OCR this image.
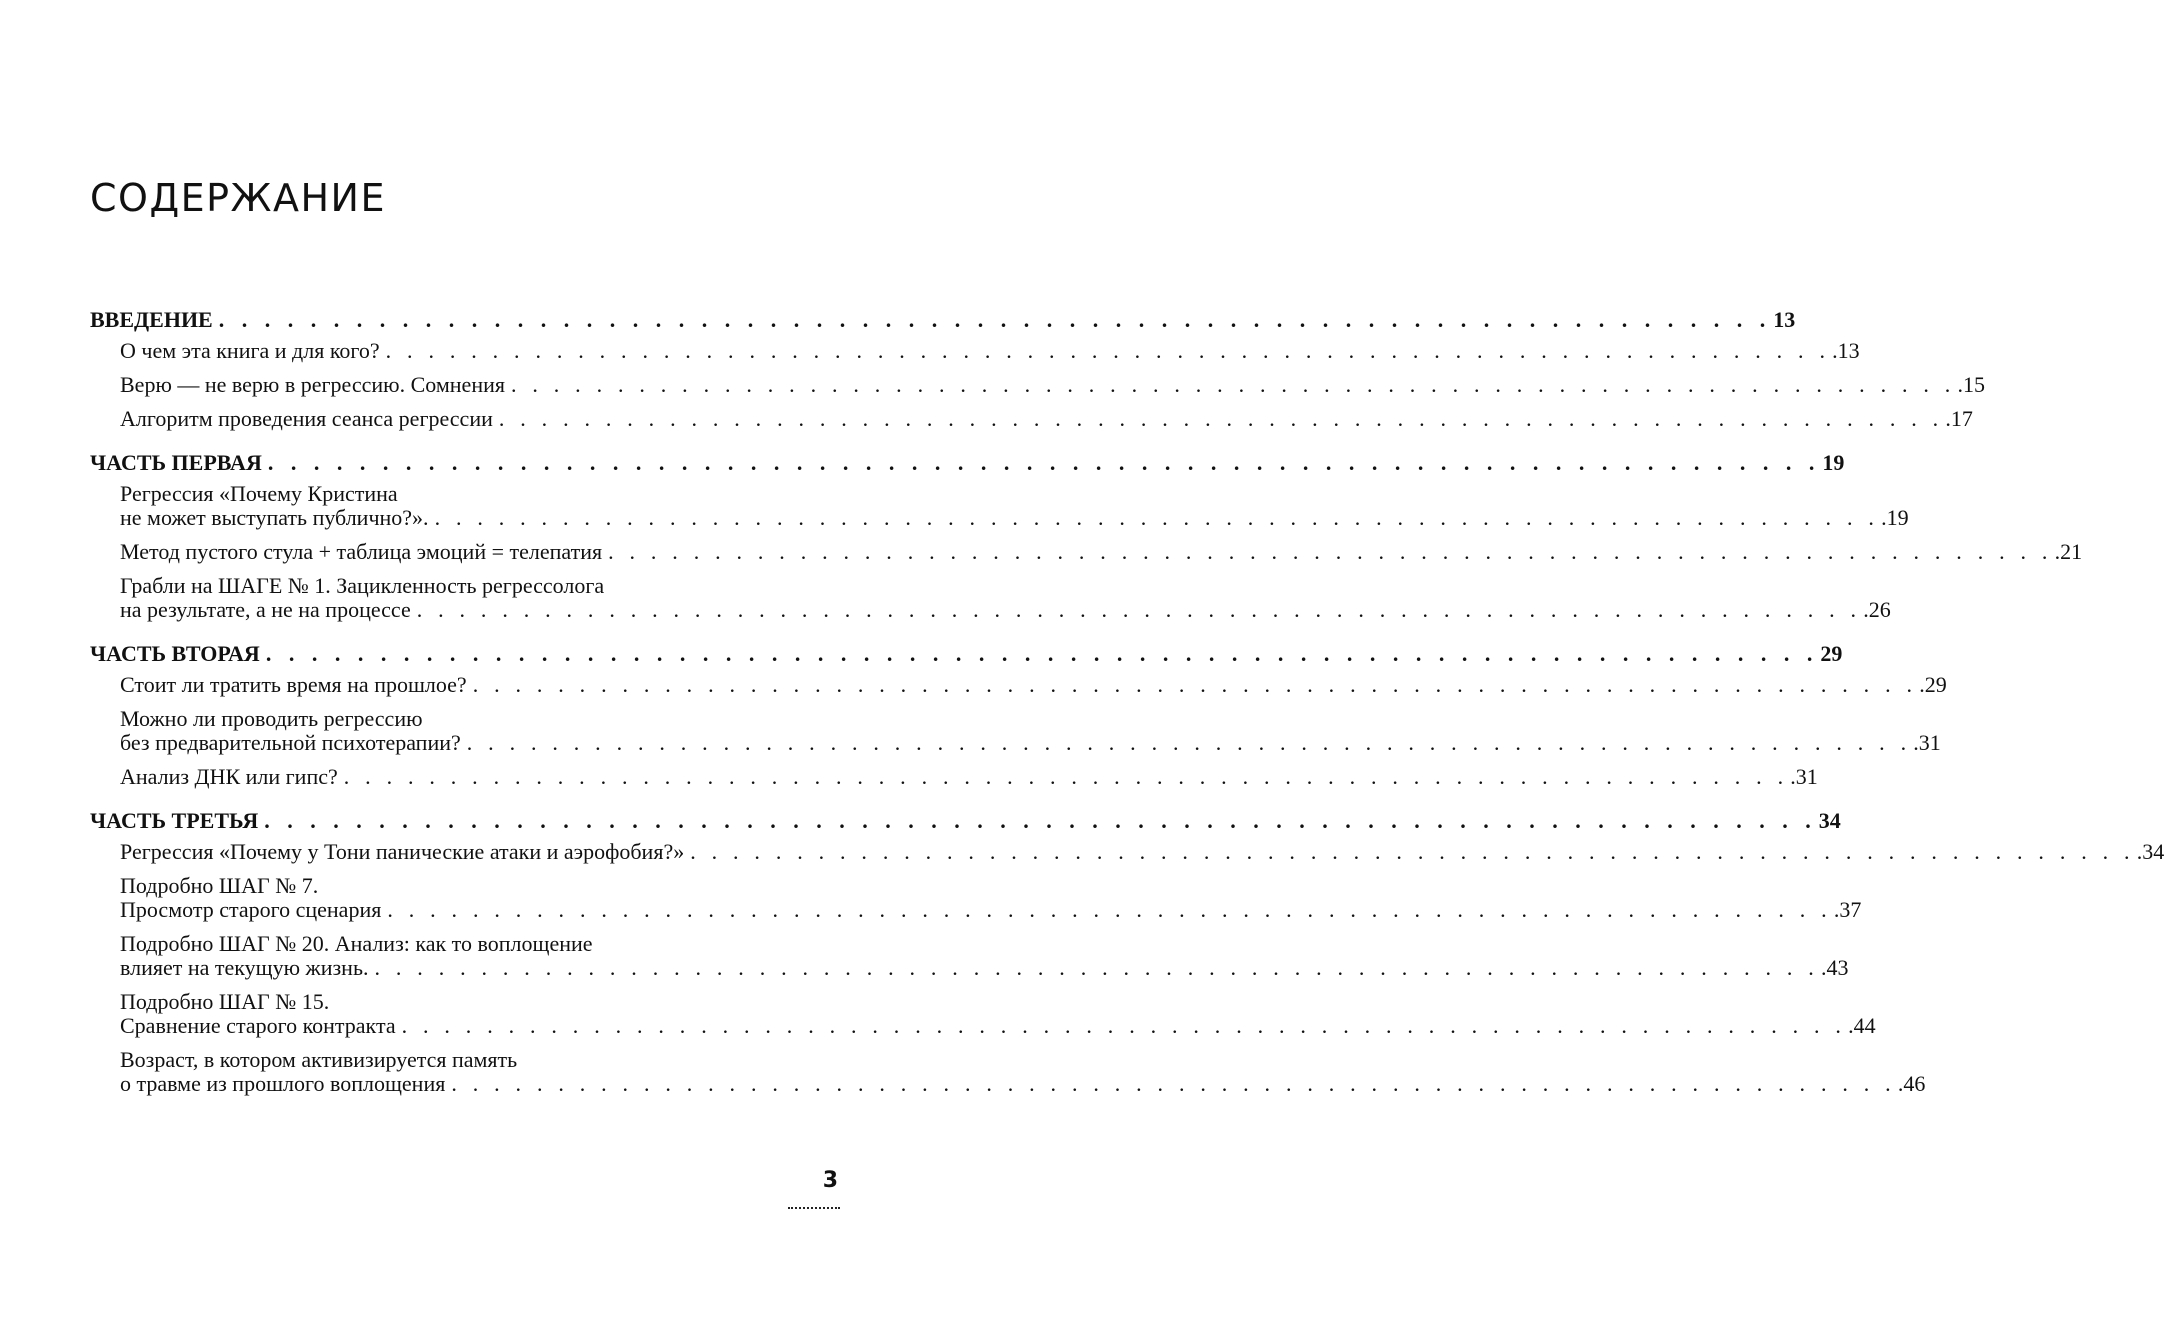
СОДЕРЖАНИЕ
ВВЕДЕНИЕ . . . . . . . . . . . . . . . . . . . . . . . . . . . . . . . . . . . . . . . . . . . . . . . . . . . . . . . . . . . . . . . . . . . . 13
О чем эта книга и для кого? . . . . . . . . . . . . . . . . . . . . . . . . . . . . . . . . . . . . . . . . . . . . . . . . . . . . . . . . . . . . . . . . . . . . .13
Верю — не верю в регрессию. Сомнения . . . . . . . . . . . . . . . . . . . . . . . . . . . . . . . . . . . . . . . . . . . . . . . . . . . . . . . . . . . . . . . . . . . . .15
Алгоритм проведения сеанса регрессии . . . . . . . . . . . . . . . . . . . . . . . . . . . . . . . . . . . . . . . . . . . . . . . . . . . . . . . . . . . . . . . . . . . . .17
ЧАСТЬ ПЕРВАЯ . . . . . . . . . . . . . . . . . . . . . . . . . . . . . . . . . . . . . . . . . . . . . . . . . . . . . . . . . . . . . . . . . . . . 19
Регрессия «Почему Кристина
не может выступать публично?». . . . . . . . . . . . . . . . . . . . . . . . . . . . . . . . . . . . . . . . . . . . . . . . . . . . . . . . . . . . . . . . . . . . . .19
Метод пустого стула + таблица эмоций = телепатия . . . . . . . . . . . . . . . . . . . . . . . . . . . . . . . . . . . . . . . . . . . . . . . . . . . . . . . . . . . . . . . . . . . . .21
Грабли на ШАГЕ № 1. Зацикленность регрессолога
на результате, а не на процессе . . . . . . . . . . . . . . . . . . . . . . . . . . . . . . . . . . . . . . . . . . . . . . . . . . . . . . . . . . . . . . . . . . . . .26
ЧАСТЬ ВТОРАЯ . . . . . . . . . . . . . . . . . . . . . . . . . . . . . . . . . . . . . . . . . . . . . . . . . . . . . . . . . . . . . . . . . . . . 29
Стоит ли тратить время на прошлое? . . . . . . . . . . . . . . . . . . . . . . . . . . . . . . . . . . . . . . . . . . . . . . . . . . . . . . . . . . . . . . . . . . . . .29
Можно ли проводить регрессию
без предварительной психотерапии? . . . . . . . . . . . . . . . . . . . . . . . . . . . . . . . . . . . . . . . . . . . . . . . . . . . . . . . . . . . . . . . . . . . . .31
Анализ ДНК или гипс? . . . . . . . . . . . . . . . . . . . . . . . . . . . . . . . . . . . . . . . . . . . . . . . . . . . . . . . . . . . . . . . . . . . . .31
ЧАСТЬ ТРЕТЬЯ . . . . . . . . . . . . . . . . . . . . . . . . . . . . . . . . . . . . . . . . . . . . . . . . . . . . . . . . . . . . . . . . . . . . 34
Регрессия «Почему у Тони панические атаки и аэрофобия?» . . . . . . . . . . . . . . . . . . . . . . . . . . . . . . . . . . . . . . . . . . . . . . . . . . . . . . . . . . . . . . . . . . . . .34
Подробно ШАГ № 7.
Просмотр старого сценария . . . . . . . . . . . . . . . . . . . . . . . . . . . . . . . . . . . . . . . . . . . . . . . . . . . . . . . . . . . . . . . . . . . . .37
Подробно ШАГ № 20. Анализ: как то воплощение
влияет на текущую жизнь. . . . . . . . . . . . . . . . . . . . . . . . . . . . . . . . . . . . . . . . . . . . . . . . . . . . . . . . . . . . . . . . . . . . . .43
Подробно ШАГ № 15.
Сравнение старого контракта . . . . . . . . . . . . . . . . . . . . . . . . . . . . . . . . . . . . . . . . . . . . . . . . . . . . . . . . . . . . . . . . . . . . .44
Возраст, в котором активизируется память
о травме из прошлого воплощения . . . . . . . . . . . . . . . . . . . . . . . . . . . . . . . . . . . . . . . . . . . . . . . . . . . . . . . . . . . . . . . . . . . . .46
3
